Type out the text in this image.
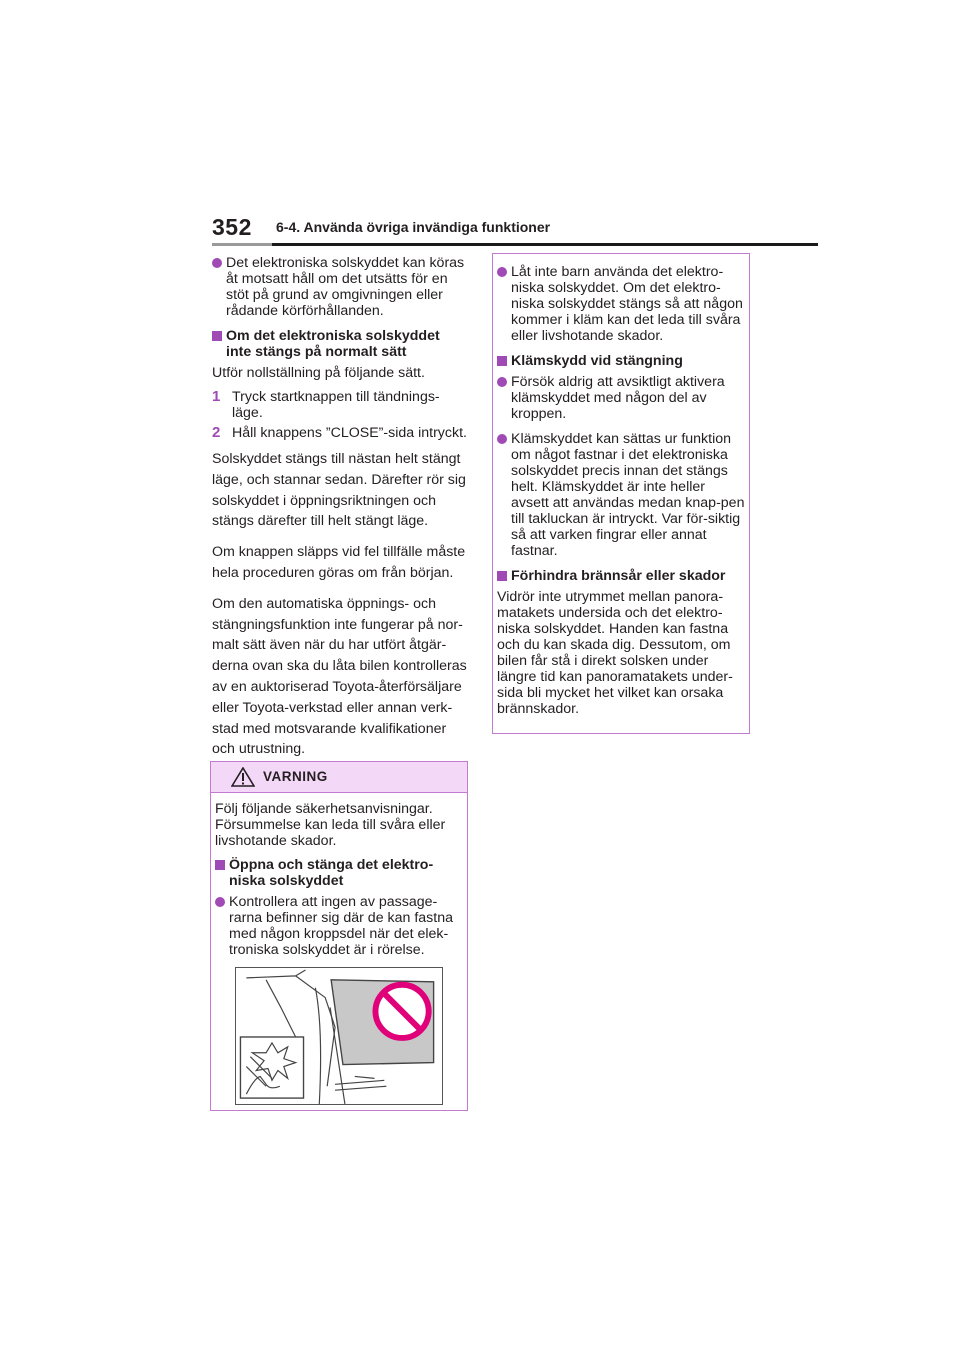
352 6-4. Använda övriga invändiga funktioner
Det elektroniska solskyddet kan köras åt motsatt håll om det utsätts för en stöt på grund av omgivningen eller rådande körförhållanden.
Om det elektroniska solskyddet inte stängs på normalt sätt
Utför nollställning på följande sätt.
1 Tryck startknappen till tändnings-läge.
2 Håll knappens ”CLOSE”-sida intryckt.
Solskyddet stängs till nästan helt stängt läge, och stannar sedan. Därefter rör sig solskyddet i öppningsriktningen och stängs därefter till helt stängt läge.
Om knappen släpps vid fel tillfälle måste hela proceduren göras om från början.
Om den automatiska öppnings- och stängningsfunktion inte fungerar på nor-malt sätt även när du har utfört åtgär-derna ovan ska du låta bilen kontrolleras av en auktoriserad Toyota-återförsäljare eller Toyota-verkstad eller annan verk-stad med motsvarande kvalifikationer och utrustning.
VARNING
Följ följande säkerhetsanvisningar. Försummelse kan leda till svåra eller livshotande skador.
Öppna och stänga det elektro-niska solskyddet
Kontrollera att ingen av passage-rarna befinner sig där de kan fastna med någon kroppsdel när det elek-troniska solskyddet är i rörelse.
Låt inte barn använda det elektro-niska solskyddet. Om det elektro-niska solskyddet stängs så att någon kommer i kläm kan det leda till svåra eller livshotande skador.
Klämskydd vid stängning
Försök aldrig att avsiktligt aktivera klämskyddet med någon del av kroppen.
Klämskyddet kan sättas ur funktion om något fastnar i det elektroniska solskyddet precis innan det stängs helt. Klämskyddet är inte heller avsett att användas medan knap-pen till takluckan är intryckt. Var för-siktig så att varken fingrar eller annat fastnar.
Förhindra brännsår eller skador
Vidrör inte utrymmet mellan panora-matakets undersida och det elektro-niska solskyddet. Handen kan fastna och du kan skada dig. Dessutom, om bilen får stå i direkt solsken under längre tid kan panoramatakets under-sida bli mycket het vilket kan orsaka brännskador.
